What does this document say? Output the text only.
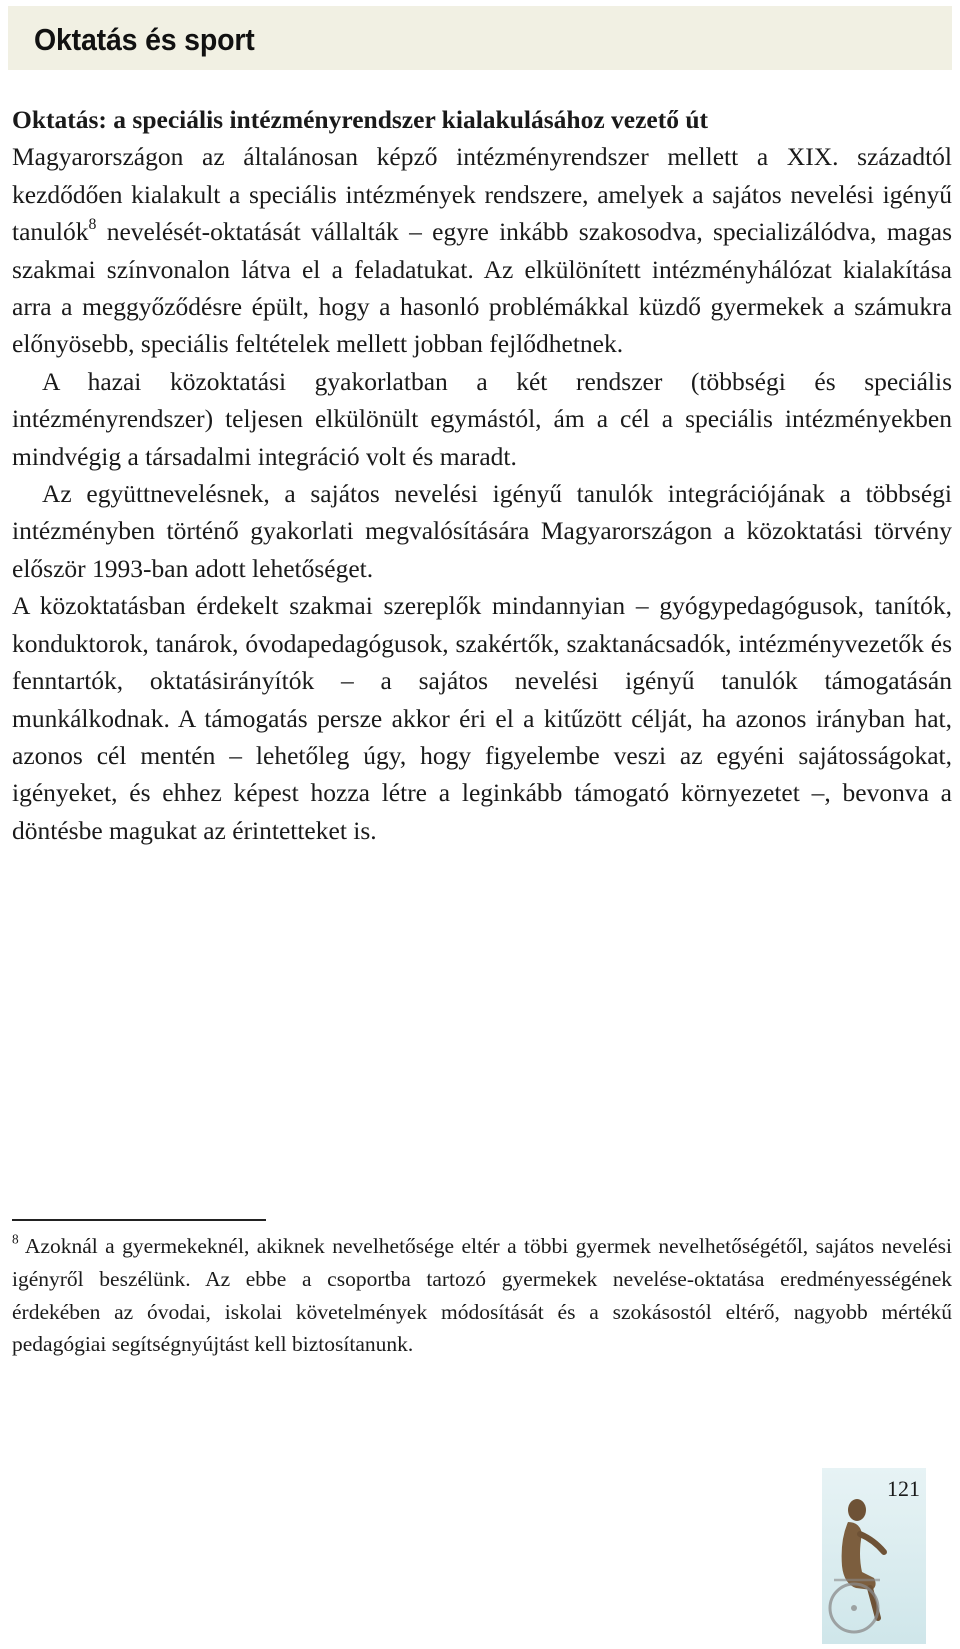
Oktatás és sport

Oktatás: a speciális intézményrendszer kialakulásához vezető út

Magyarországon az általánosan képző intézményrendszer mellett a XIX. századtól kezdődően kialakult a speciális intézmények rendszere, amelyek a sajátos nevelési igényű tanulók$^8$ nevelését-oktatását vállalták – egyre inkább szakosodva, specializálódva, magas szakmai színvonalon látva el a feladatukat. Az elkülönített intézményhálózat kialakítása arra a meggyőződésre épült, hogy a hasonló problémákkal küzdő gyermekek a számukra előnyösebb, speciális feltételek mellett jobban fejlődhetnek.

A hazai közoktatási gyakorlatban a két rendszer (többségi és speciális intézményrendszer) teljesen elkülönült egymástól, ám a cél a speciális intézményekben mindvégig a társadalmi integráció volt és maradt.

Az együttnevelésnek, a sajátos nevelési igényű tanulók integrációjának a többségi intézményben történő gyakorlati megvalósítására Magyarországon a közoktatási törvény először 1993-ban adott lehetőséget.

A közoktatásban érdekelt szakmai szereplők mindannyian – gyógypedagógusok, tanítók, konduktorok, tanárok, óvodapedagógusok, szakértők, szaktanácsadók, intézményvezetők és fenntartók, oktatásirányítók – a sajátos nevelési igényű tanulók támogatásán munkálkodnak. A támogatás persze akkor éri el a kitűzött célját, ha azonos irányban hat, azonos cél mentén – lehetőleg úgy, hogy figyelembe veszi az egyéni sajátosságokat, igényeket, és ehhez képest hozza létre a leginkább támogató környezetet –, bevonva a döntésbe magukat az érintetteket is.

$^8$ Azoknál a gyermekeknél, akiknek nevelhetősége eltér a többi gyermek nevelhetőségétől, sajátos nevelési igényről beszélünk. Az ebbe a csoportba tartozó gyermekek nevelése-oktatása eredményességének érdekében az óvodai, iskolai követelmények módosítását és a szokásostól eltérő, nagyobb mértékű pedagógiai segítségnyújtást kell biztosítanunk.

121
